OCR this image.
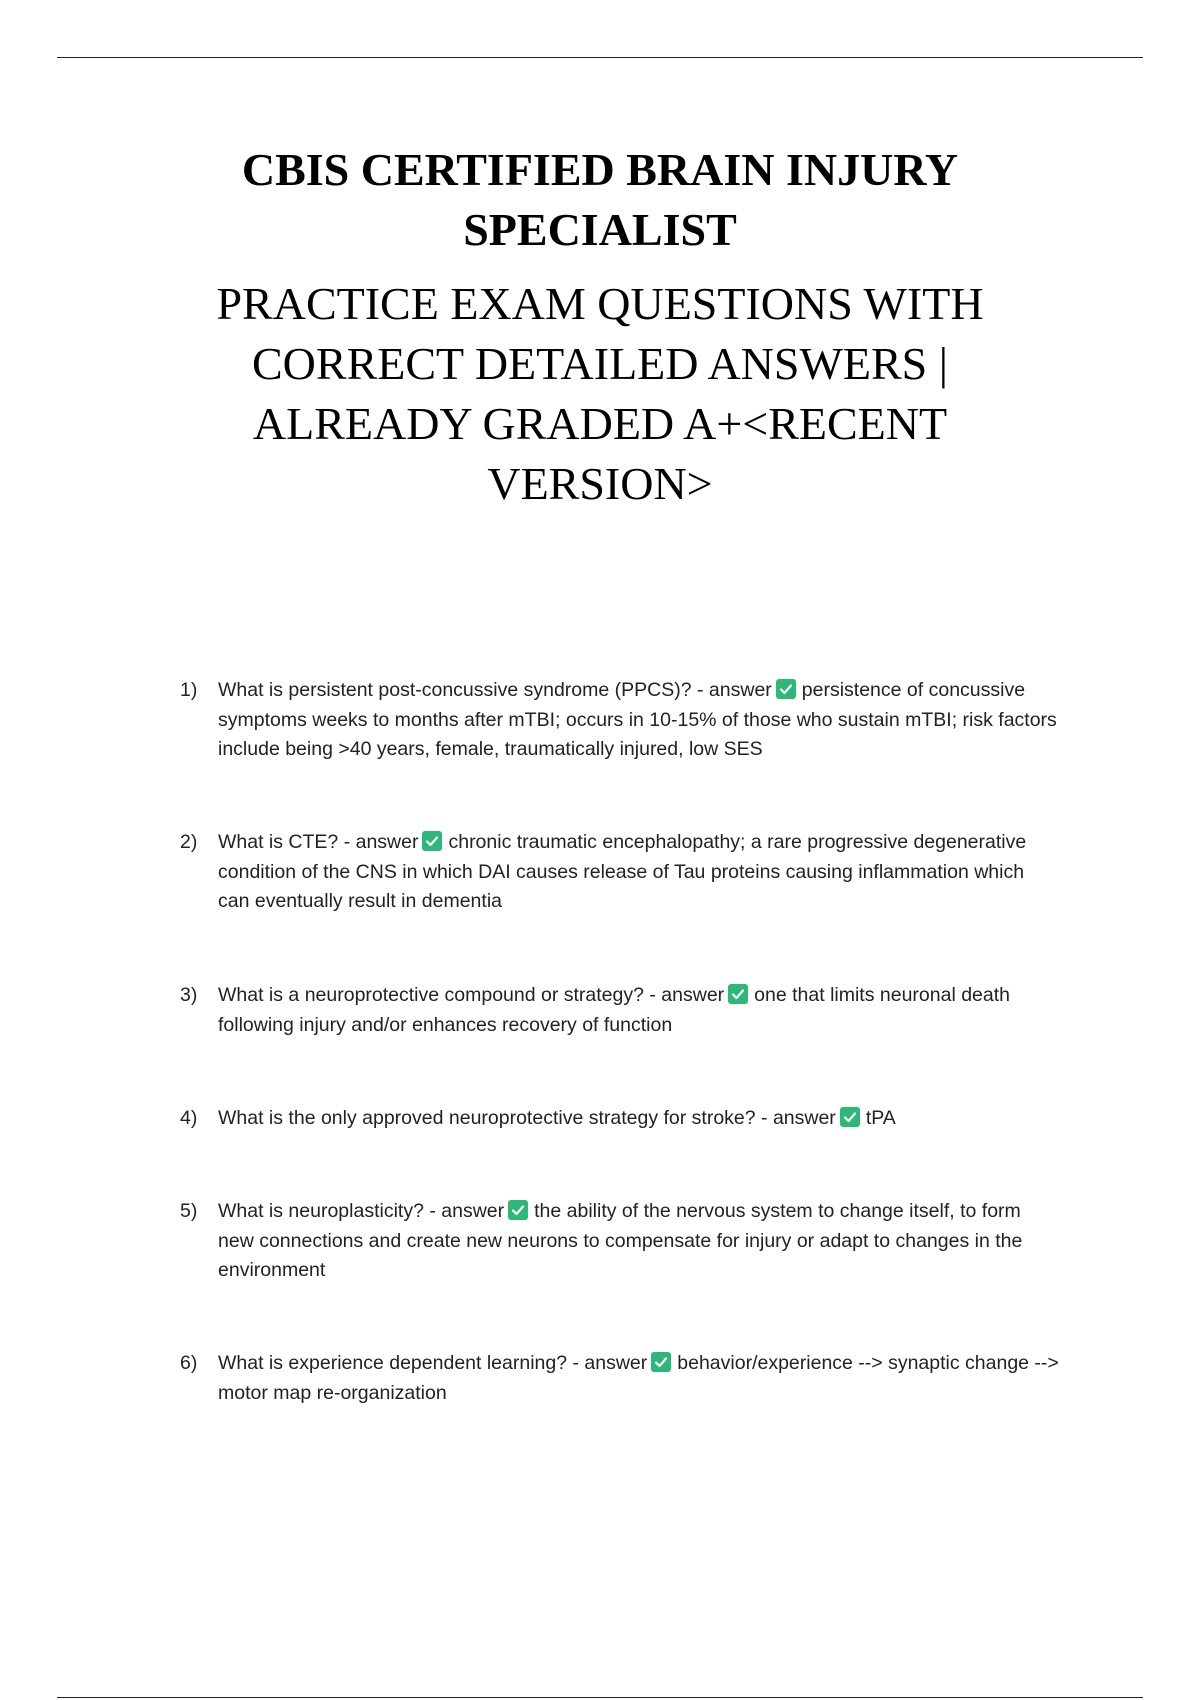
CBIS CERTIFIED BRAIN INJURY SPECIALIST
PRACTICE EXAM QUESTIONS WITH CORRECT DETAILED ANSWERS | ALREADY GRADED A+<RECENT VERSION>
1)	What is persistent post-concussive syndrome (PPCS)? - answer persistence of concussive symptoms weeks to months after mTBI; occurs in 10-15% of those who sustain mTBI; risk factors include being >40 years, female, traumatically injured, low SES
2)	What is CTE? - answer chronic traumatic encephalopathy; a rare progressive degenerative condition of the CNS in which DAI causes release of Tau proteins causing inflammation which can eventually result in dementia
3)	What is a neuroprotective compound or strategy? - answer one that limits neuronal death following injury and/or enhances recovery of function
4)	What is the only approved neuroprotective strategy for stroke? - answer tPA
5)	What is neuroplasticity? - answer the ability of the nervous system to change itself, to form new connections and create new neurons to compensate for injury or adapt to changes in the environment
6)	What is experience dependent learning? - answer behavior/experience --> synaptic change --> motor map re-organization
